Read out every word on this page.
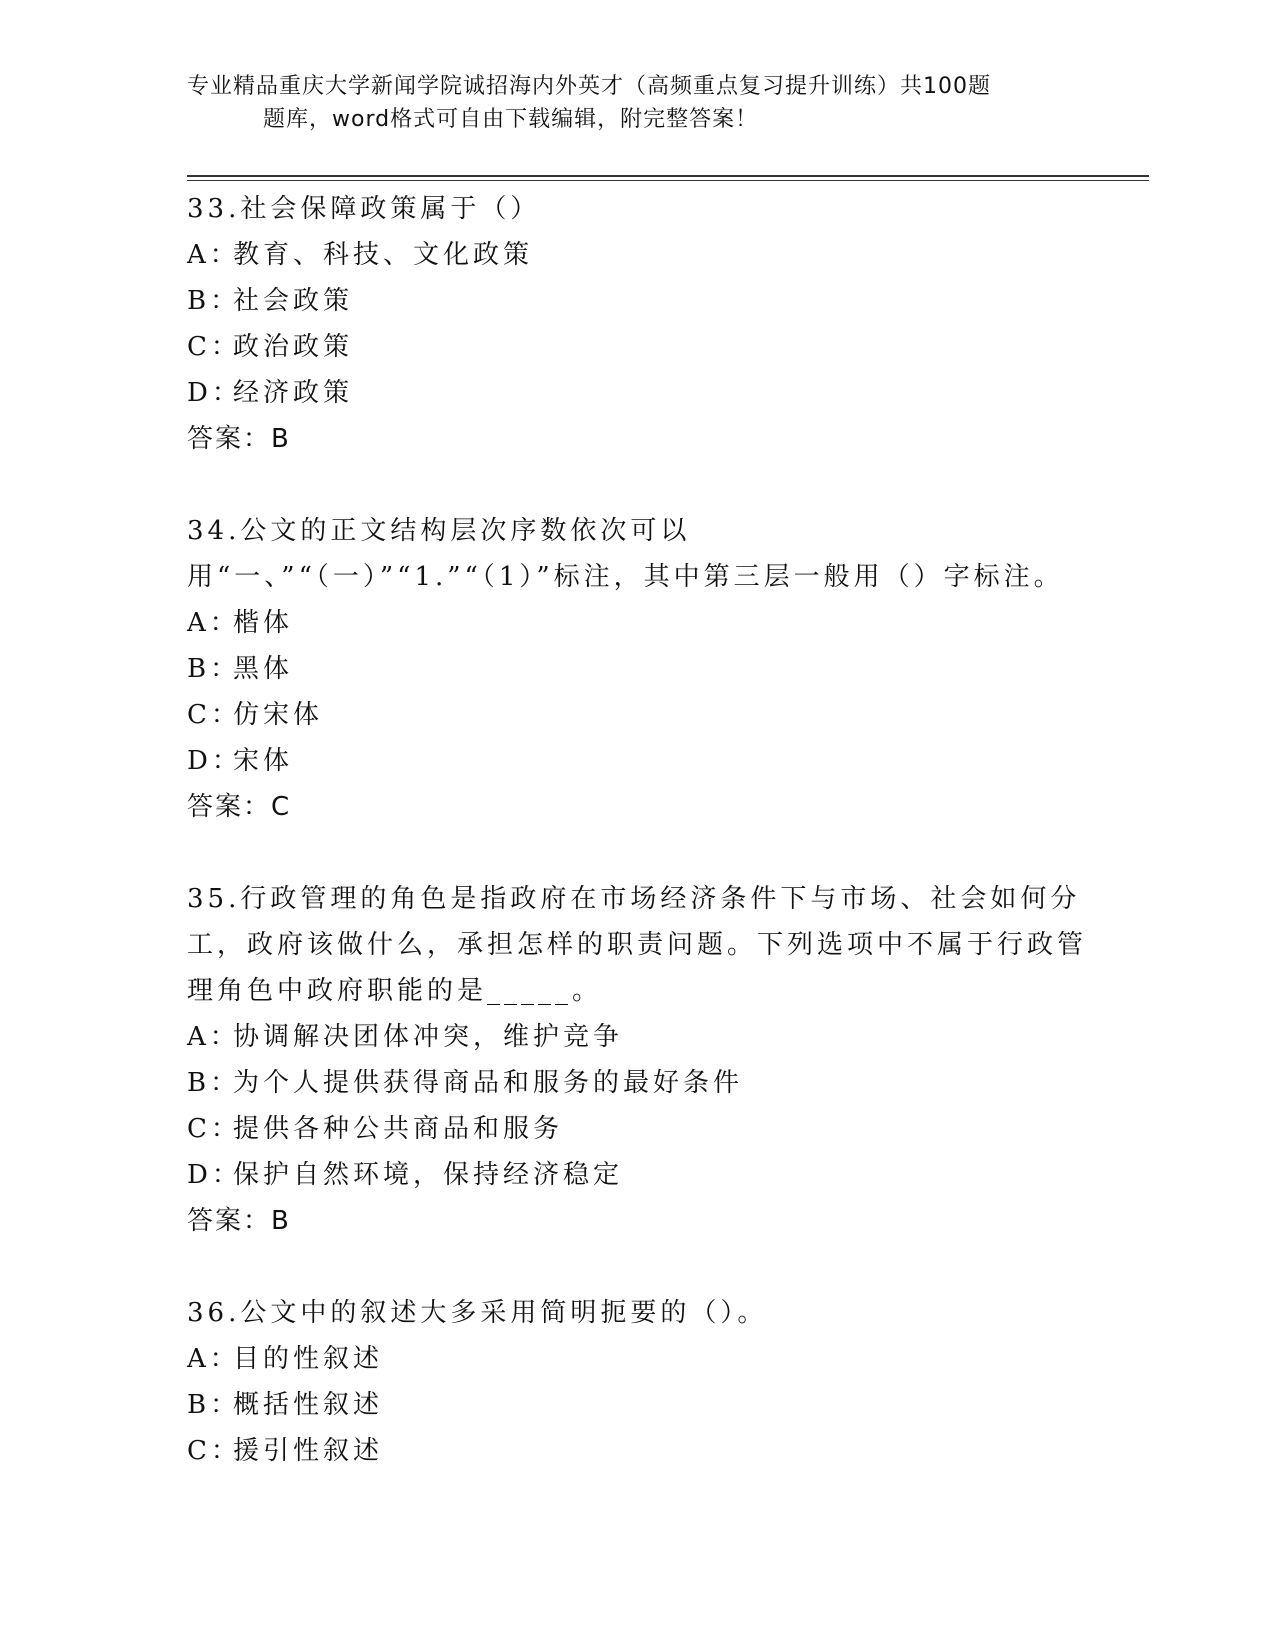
专业精品重庆大学新闻学院诚招海内外英才（高频重点复习提升训练）共100题
题库，word格式可自由下载编辑，附完整答案！
33.社会保障政策属于（）
A：教育、科技、文化政策
B：社会政策
C：政治政策
D：经济政策
答案：B
34.公文的正文结构层次序数依次可以用“一、”“（一）”“1.”“（1）”标注，其中第三层一般用（）字标注。
A：楷体
B：黑体
C：仿宋体
D：宋体
答案：C
35.行政管理的角色是指政府在市场经济条件下与市场、社会如何分工，政府该做什么，承担怎样的职责问题。下列选项中不属于行政管理角色中政府职能的是_____。
A：协调解决团体冲突，维护竞争
B：为个人提供获得商品和服务的最好条件
C：提供各种公共商品和服务
D：保护自然环境，保持经济稳定
答案：B
36.公文中的叙述大多采用简明扼要的（）。
A：目的性叙述
B：概括性叙述
C：援引性叙述
